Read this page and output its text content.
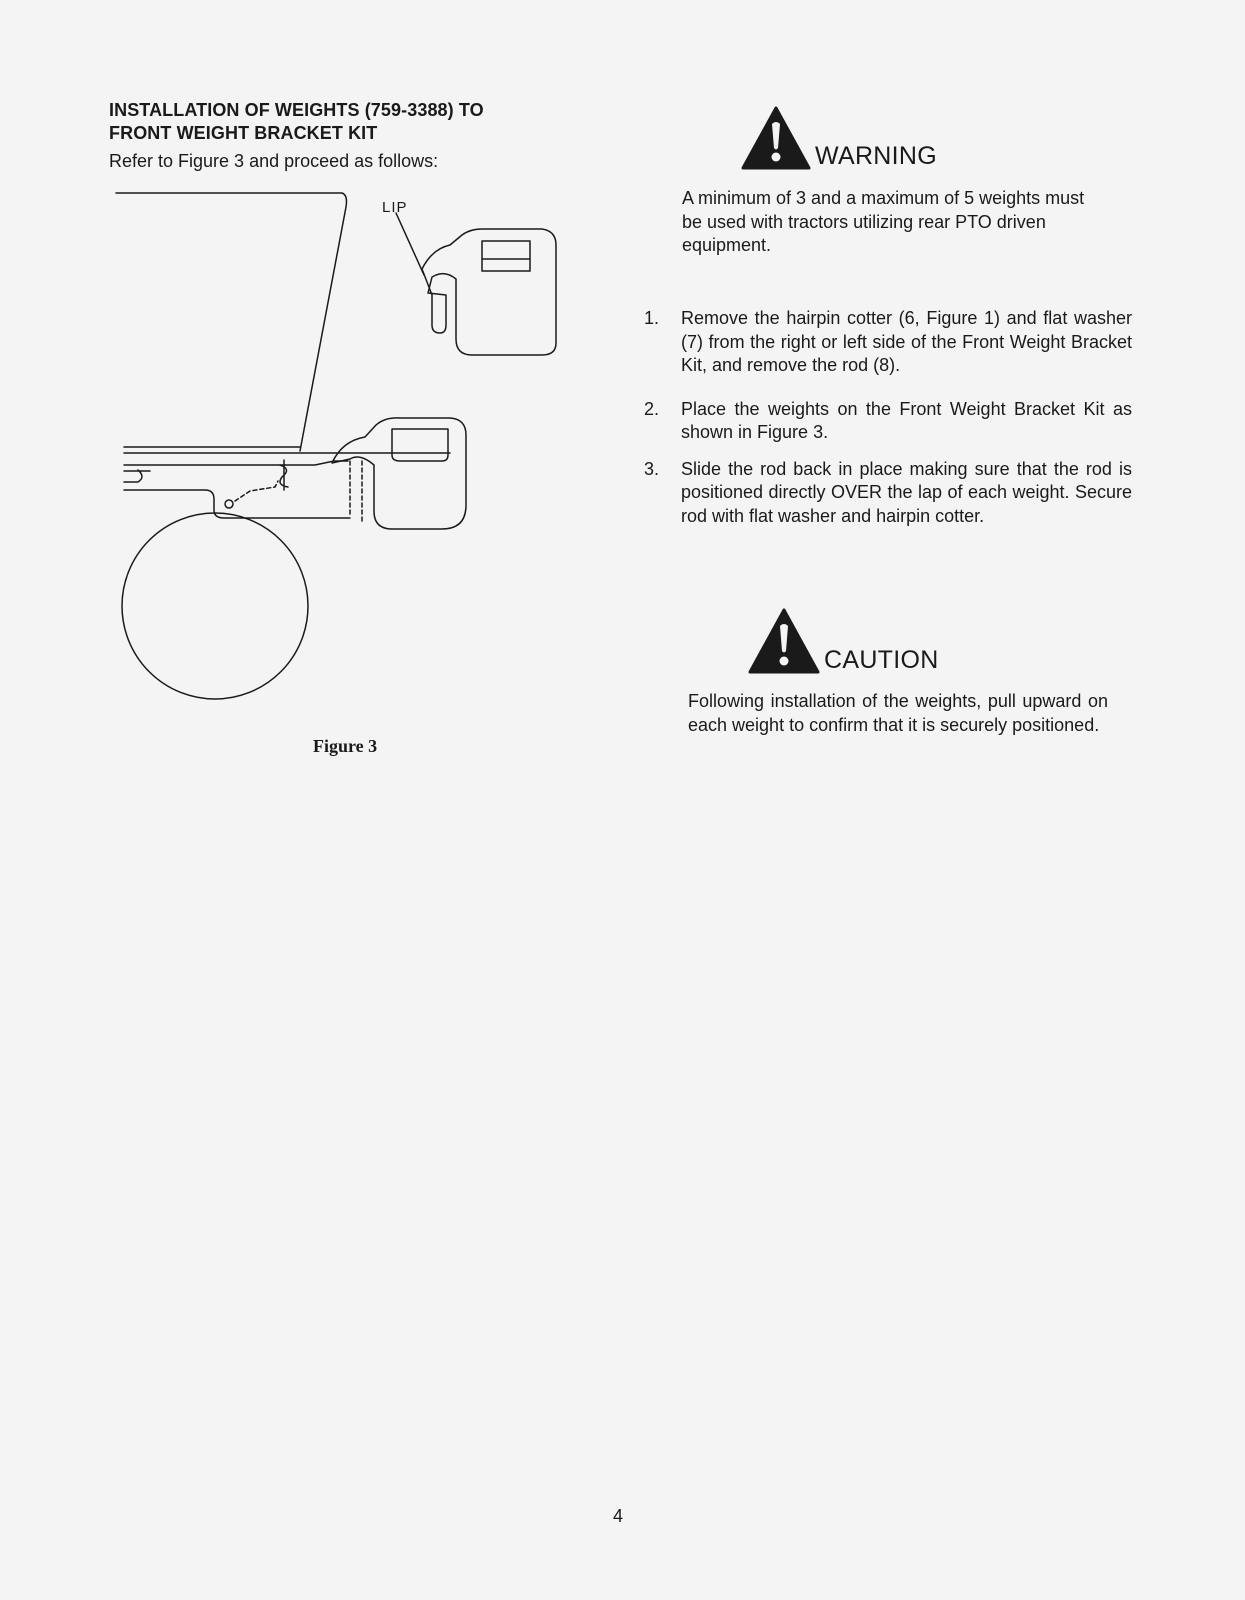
INSTALLATION OF WEIGHTS (759-3388) TO
FRONT WEIGHT BRACKET KIT
Refer to Figure 3 and proceed as follows:
LIP
Figure 3
WARNING
A minimum of 3 and a maximum of 5 weights must be used with tractors utilizing rear PTO driven equipment.
1. Remove the hairpin cotter (6, Figure 1) and flat washer (7) from the right or left side of the Front Weight Bracket Kit, and remove the rod (8).
2. Place the weights on the Front Weight Bracket Kit as shown in Figure 3.
3. Slide the rod back in place making sure that the rod is positioned directly OVER the lap of each weight. Secure rod with flat washer and hairpin cotter.
CAUTION
Following installation of the weights, pull upward on each weight to confirm that it is securely positioned.
4
